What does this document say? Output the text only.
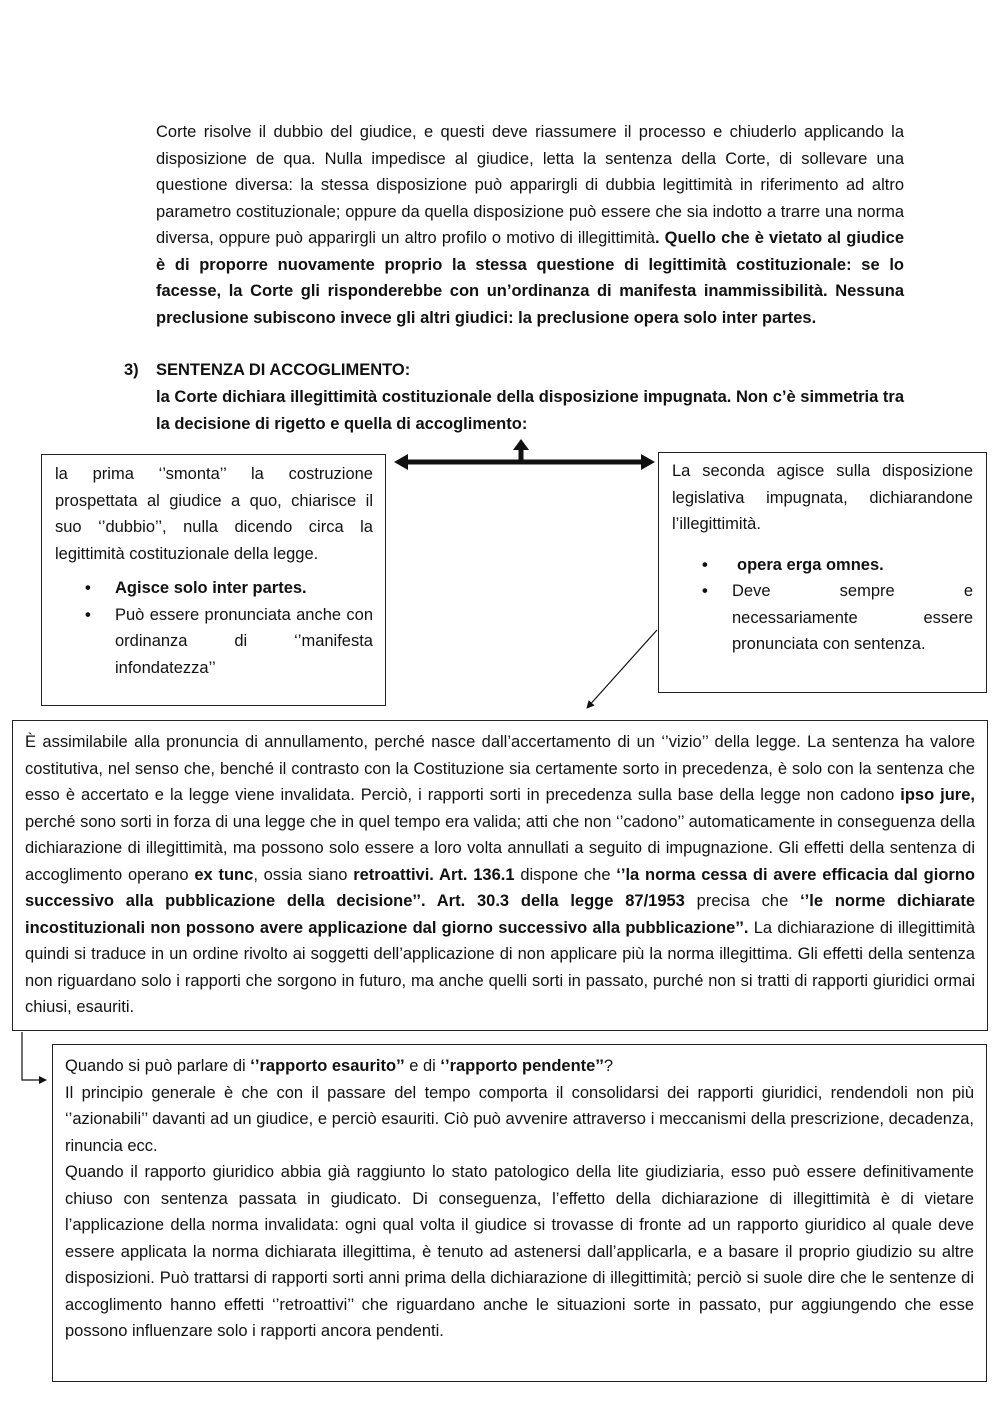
Corte risolve il dubbio del giudice, e questi deve riassumere il processo e chiuderlo applicando la disposizione de qua. Nulla impedisce al giudice, letta la sentenza della Corte, di sollevare una questione diversa: la stessa disposizione può apparirgli di dubbia legittimità in riferimento ad altro parametro costituzionale; oppure da quella disposizione può essere che sia indotto a trarre una norma diversa, oppure può apparirgli un altro profilo o motivo di illegittimità. Quello che è vietato al giudice è di proporre nuovamente proprio la stessa questione di legittimità costituzionale: se lo facesse, la Corte gli risponderebbe con un’ordinanza di manifesta inammissibilità. Nessuna preclusione subiscono invece gli altri giudici: la preclusione opera solo inter partes.
3) SENTENZA DI ACCOGLIMENTO:
la Corte dichiara illegittimità costituzionale della disposizione impugnata. Non c’è simmetria tra la decisione di rigetto e quella di accoglimento:
la prima ‘’smonta’’ la costruzione prospettata al giudice a quo, chiarisce il suo ‘’dubbio’’, nulla dicendo circa la legittimità costituzionale della legge.
• Agisce solo inter partes.
• Può essere pronunciata anche con ordinanza di ‘’manifesta infondatezza’’
La seconda agisce sulla disposizione legislativa impugnata, dichiarandone l’illegittimità.
• opera erga omnes.
• Deve sempre e necessariamente essere pronunciata con sentenza.
È assimilabile alla pronuncia di annullamento, perché nasce dall’accertamento di un ‘’vizio’’ della legge. La sentenza ha valore costitutiva, nel senso che, benché il contrasto con la Costituzione sia certamente sorto in precedenza, è solo con la sentenza che esso è accertato e la legge viene invalidata. Perciò, i rapporti sorti in precedenza sulla base della legge non cadono ipso jure, perché sono sorti in forza di una legge che in quel tempo era valida; atti che non ‘’cadono’’ automaticamente in conseguenza della dichiarazione di illegittimità, ma possono solo essere a loro volta annullati a seguito di impugnazione. Gli effetti della sentenza di accoglimento operano ex tunc, ossia siano retroattivi. Art. 136.1 dispone che ‘’la norma cessa di avere efficacia dal giorno successivo alla pubblicazione della decisione’’. Art. 30.3 della legge 87/1953 precisa che ‘’le norme dichiarate incostituzionali non possono avere applicazione dal giorno successivo alla pubblicazione’’. La dichiarazione di illegittimità quindi si traduce in un ordine rivolto ai soggetti dell’applicazione di non applicare più la norma illegittima. Gli effetti della sentenza non riguardano solo i rapporti che sorgono in futuro, ma anche quelli sorti in passato, purché non si tratti di rapporti giuridici ormai chiusi, esauriti.
Quando si può parlare di ‘’rapporto esaurito’’ e di ‘’rapporto pendente’’?
Il principio generale è che con il passare del tempo comporta il consolidarsi dei rapporti giuridici, rendendoli non più ‘’azionabili’’ davanti ad un giudice, e perciò esauriti. Ciò può avvenire attraverso i meccanismi della prescrizione, decadenza, rinuncia ecc.
Quando il rapporto giuridico abbia già raggiunto lo stato patologico della lite giudiziaria, esso può essere definitivamente chiuso con sentenza passata in giudicato. Di conseguenza, l’effetto della dichiarazione di illegittimità è di vietare l’applicazione della norma invalidata: ogni qual volta il giudice si trovasse di fronte ad un rapporto giuridico al quale deve essere applicata la norma dichiarata illegittima, è tenuto ad astenersi dall’applicarla, e a basare il proprio giudizio su altre disposizioni. Può trattarsi di rapporti sorti anni prima della dichiarazione di illegittimità; perciò si suole dire che le sentenze di accoglimento hanno effetti ‘’retroattivi’’ che riguardano anche le situazioni sorte in passato, pur aggiungendo che esse possono influenzare solo i rapporti ancora pendenti.
